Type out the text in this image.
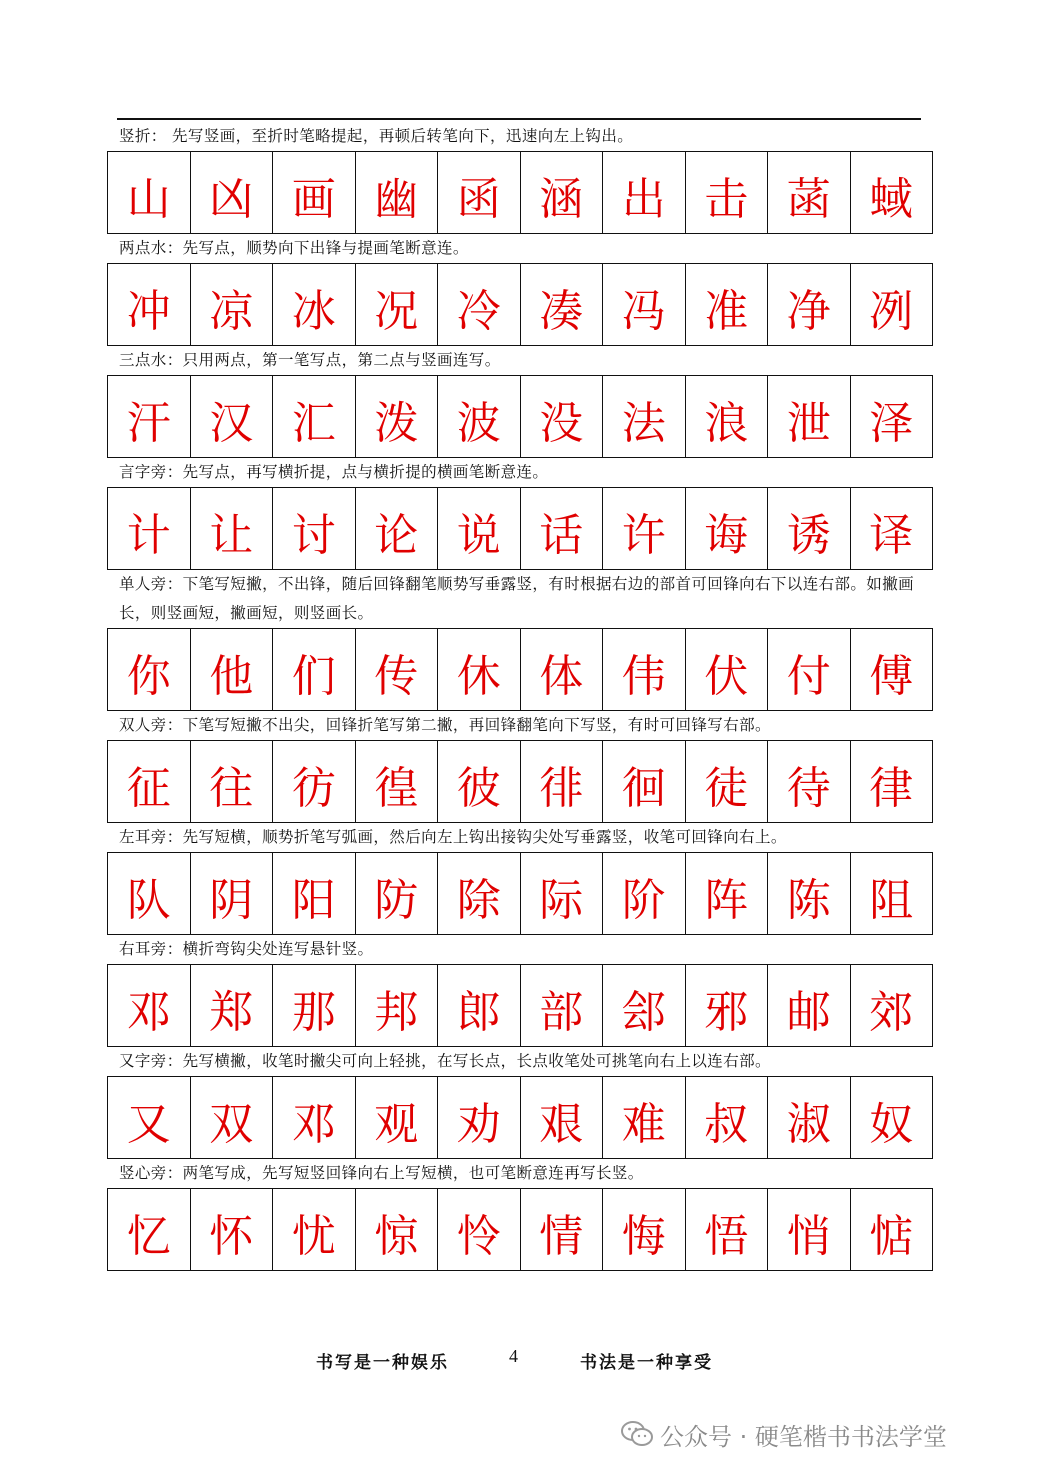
竖折： 先写竖画，至折时笔略提起，再顿后转笔向下，迅速向左上钩出。
山 凶 画 幽 函 涵 出 击 菡 蜮
两点水：先写点，顺势向下出锋与提画笔断意连。
冲 凉 冰 况 冷 凑 冯 准 净 冽
三点水：只用两点，第一笔写点，第二点与竖画连写。
汗 汉 汇 泼 波 没 法 浪 泄 泽
言字旁：先写点，再写横折提，点与横折提的横画笔断意连。
计 让 讨 论 说 话 许 诲 诱 译
单人旁：下笔写短撇，不出锋，随后回锋翻笔顺势写垂露竖，有时根据右边的部首可回锋向右下以连右部。如撇画长，则竖画短，撇画短，则竖画长。
你 他 们 传 休 体 伟 伏 付 傅
双人旁：下笔写短撇不出尖，回锋折笔写第二撇，再回锋翻笔向下写竖，有时可回锋写右部。
征 往 彷 徨 彼 徘 徊 徒 待 律
左耳旁：先写短横，顺势折笔写弧画，然后向左上钩出接钩尖处写垂露竖，收笔可回锋向右上。
队 阴 阳 防 除 际 阶 阵 陈 阻
右耳旁：横折弯钩尖处连写悬针竖。
邓 郑 那 邦 郎 部 郐 邪 邮 郊
又字旁：先写横撇，收笔时撇尖可向上轻挑，在写长点，长点收笔处可挑笔向右上以连右部。
又 双 邓 观 劝 艰 难 叔 淑 奴
竖心旁：两笔写成，先写短竖回锋向右上写短横，也可笔断意连再写长竖。
忆 怀 忧 惊 怜 情 悔 悟 悄 惦
书写是一种娱乐	4	书法是一种享受
公众号 · 硬笔楷书书法学堂
